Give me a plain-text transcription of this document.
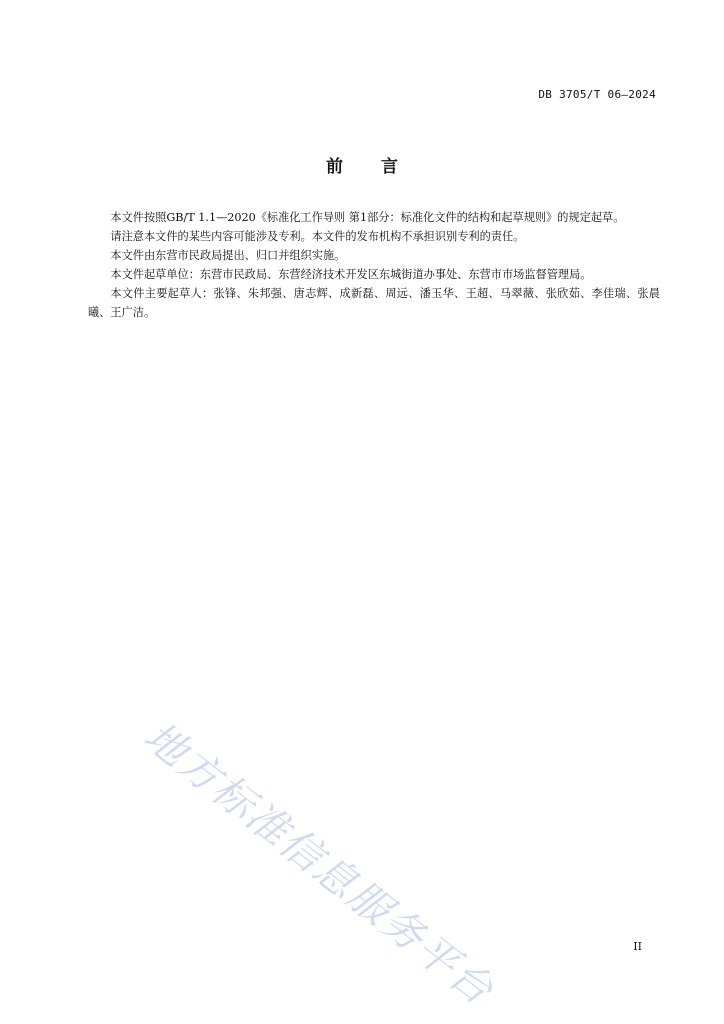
DB 3705/T 06—2024
前言

本文件按照GB/T 1.1—2020《标准化工作导则 第1部分：标准化文件的结构和起草规则》的规定起草。

请注意本文件的某些内容可能涉及专利。本文件的发布机构不承担识别专利的责任。

本文件由东营市民政局提出、归口并组织实施。

本文件起草单位：东营市民政局、东营经济技术开发区东城街道办事处、东营市市场监督管理局。

本文件主要起草人：张锋、朱邦强、唐志辉、成新磊、周远、潘玉华、王超、马翠薇、张欣茹、李佳瑞、张晨曦、王广洁。

地方标准信息服务平台	II
